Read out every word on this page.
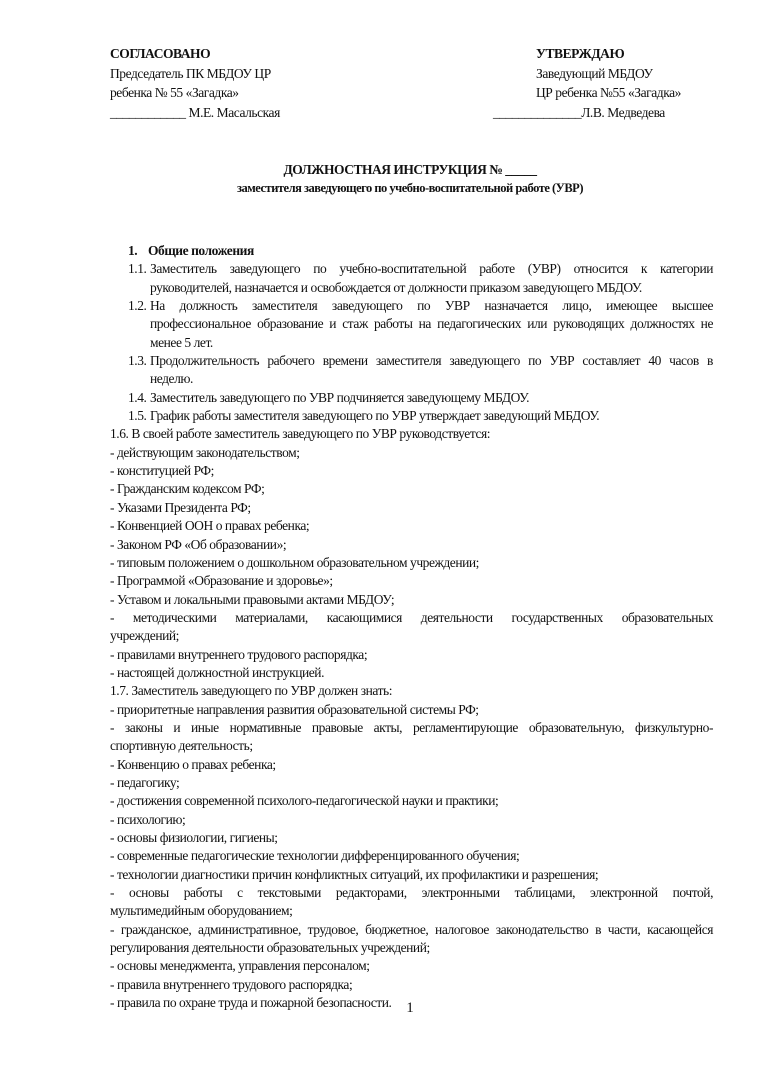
СОГЛАСОВАНО
Председатель ПК МБДОУ ЦР
ребенка № 55 «Загадка»
____________ М.Е. Масальская
УТВЕРЖДАЮ
Заведующий МБДОУ
ЦР ребенка №55 «Загадка»
______________Л.В. Медведева
ДОЛЖНОСТНАЯ ИНСТРУКЦИЯ № _____
заместителя заведующего по учебно-воспитательной работе (УВР)
1. Общие положения
1.1. Заместитель заведующего по учебно-воспитательной работе (УВР) относится к категории
руководителей, назначается и освобождается от должности приказом заведующего МБДОУ.
1.2. На должность заместителя заведующего по УВР назначается лицо, имеющее высшее
профессиональное образование и стаж работы на педагогических или руководящих должностях не
менее 5 лет.
1.3. Продолжительность рабочего времени заместителя заведующего по УВР составляет 40 часов в
неделю.
1.4. Заместитель заведующего по УВР подчиняется заведующему МБДОУ.
1.5. График работы заместителя заведующего по УВР утверждает заведующий МБДОУ.
1.6. В своей работе заместитель заведующего по УВР руководствуется:
- действующим законодательством;
- конституцией РФ;
- Гражданским кодексом РФ;
- Указами Президента РФ;
- Конвенцией ООН о правах ребенка;
- Законом РФ «Об образовании»;
- типовым положением о дошкольном образовательном учреждении;
- Программой «Образование и здоровье»;
- Уставом и локальными правовыми актами МБДОУ;
- методическими материалами, касающимися деятельности государственных образовательных
учреждений;
- правилами внутреннего трудового распорядка;
- настоящей должностной инструкцией.
1.7. Заместитель заведующего по УВР должен знать:
- приоритетные направления развития образовательной системы РФ;
- законы и иные нормативные правовые акты, регламентирующие образовательную, физкультурно-
спортивную деятельность;
- Конвенцию о правах ребенка;
- педагогику;
- достижения современной психолого-педагогической науки и практики;
- психологию;
- основы физиологии, гигиены;
- современные педагогические технологии дифференцированного обучения;
- технологии диагностики причин конфликтных ситуаций, их профилактики и разрешения;
- основы работы с текстовыми редакторами, электронными таблицами, электронной почтой,
мультимедийным оборудованием;
- гражданское, административное, трудовое, бюджетное, налоговое законодательство в части, касающейся
регулирования деятельности образовательных учреждений;
- основы менеджмента, управления персоналом;
- правила внутреннего трудового распорядка;
- правила по охране труда и пожарной безопасности. 1
